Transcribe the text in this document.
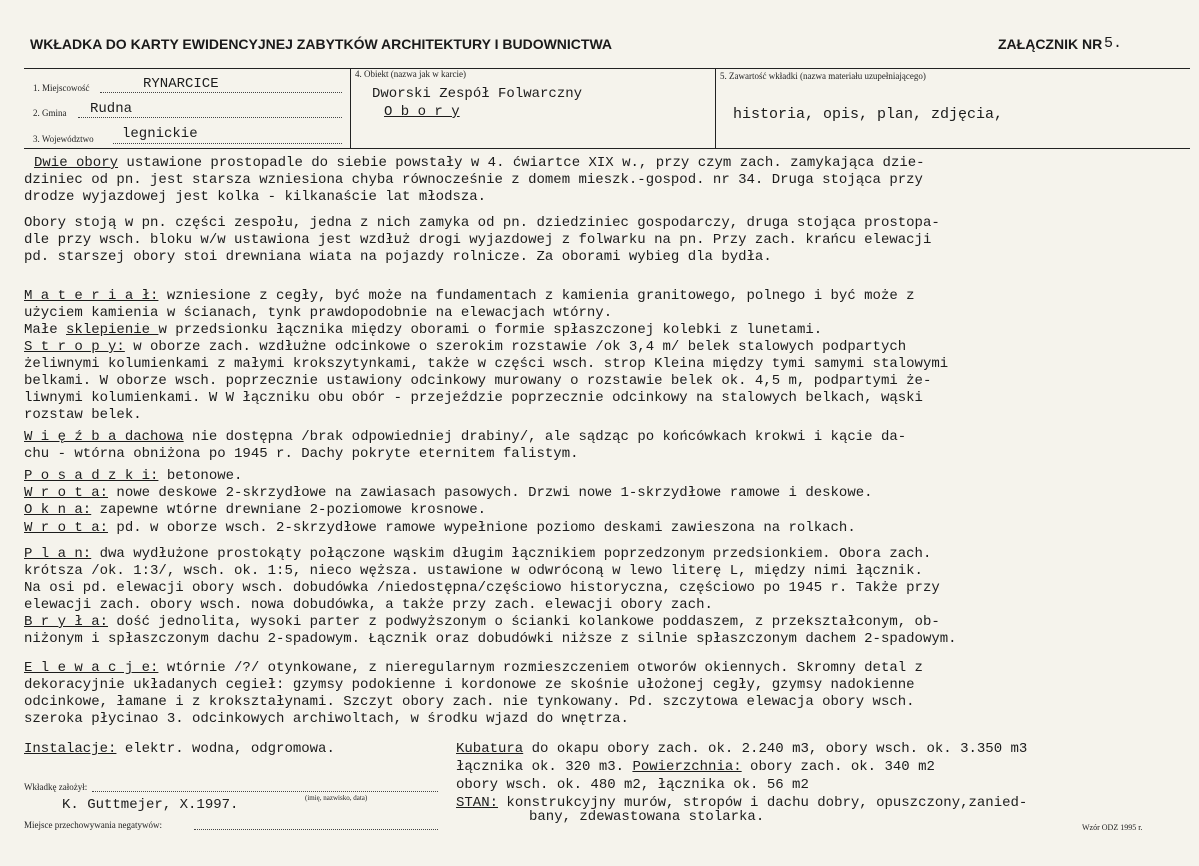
WKŁADKA DO KARTY EWIDENCYJNEJ ZABYTKÓW ARCHITEKTURY I BUDOWNICTWA	ZAŁĄCZNIK NR 5.
1. Miejscowość	RYNARCICE
2. Gmina Rudna
3. Województwo legnickie
4. Obiekt (nazwa jak w karcie)
Dworski Zespół Folwarczny
O b o r y
5. Zawartość wkładki (nazwa materiału uzupełniającego)
historia, opis, plan, zdjęcia,
Dwie obory ustawione prostopadle do siebie powstały w 4. ćwiartce XIX w., przy czym zach. zamykająca dzie-
dziniec od pn. jest starsza wzniesiona chyba równocześnie z domem mieszk.-gospod. nr 34. Druga stojąca przy
drodze wyjazdowej jest kolka - kilkanaście lat młodsza.
Obory stoją w pn. części zespołu, jedna z nich zamyka od pn. dziedziniec gospodarczy, druga stojąca prostopa-
dle przy wsch. bloku w/w ustawiona jest wzdłuż drogi wyjazdowej z folwarku na pn. Przy zach. krańcu elewacji
pd. starszej obory stoi drewniana wiata na pojazdy rolnicze. Za oborami wybieg dla bydła.
M a t e r i a ł: wzniesione z cegły, być może na fundamentach z kamienia granitowego, polnego i być może z
użyciem kamienia w ścianach, tynk prawdopodobnie na elewacjach wtórny.
Małe sklepienie w przedsionku łącznika między oborami o formie spłaszczonej kolebki z lunetami.
S t r o p y: w oborze zach. wzdłużne odcinkowe o szerokim rozstawie /ok 3,4 m/ belek stalowych podpartych
żeliwnymi kolumienkami z małymi krokszytynkami, także w części wsch. strop Kleina między tymi samymi stalowymi
belkami. W oborze wsch. poprzecznie ustawiony odcinkowy murowany o rozstawie belek ok. 4,5 m, podpartymi że-
liwnymi kolumienkami. W W łączniku obu obór - przejeździe poprzecznie odcinkowy na stalowych belkach, wąski
rozstaw belek.
W i ę ź b a dachowa nie dostępna /brak odpowiedniej drabiny/, ale sądząc po końcówkach krokwi i kącie da-
chu - wtórna obniżona po 1945 r. Dachy pokryte eternitem falistym.
P o s a d z k i: betonowe.
W r o t a: nowe deskowe 2-skrzydłowe na zawiasach pasowych. Drzwi nowe 1-skrzydłowe ramowe i deskowe.
O k n a: zapewne wtórne drewniane 2-poziomowe krosnowe.
W r o t a: pd. w oborze wsch. 2-skrzydłowe ramowe wypełnione poziomo deskami zawieszona na rolkach.
P l a n: dwa wydłużone prostokąty połączone wąskim długim łącznikiem poprzedzonym przedsionkiem. Obora zach.
krótsza /ok. 1:3/, wsch. ok. 1:5, nieco węższa. ustawione w odwróconą w lewo literę L, między nimi łącznik.
Na osi pd. elewacji obory wsch. dobudówka /niedostępna/częściowo historyczna, częściowo po 1945 r. Także przy
elewacji zach. obory wsch. nowa dobudówka, a także przy zach. elewacji obory zach.
B r y ł a: dość jednolita, wysoki parter z podwyższonym o ścianki kolankowe poddaszem, z przekształconym, ob-
niżonym i spłaszczonym dachu 2-spadowym. Łącznik oraz dobudówki niższe z silnie spłaszczonym dachem 2-spadowym.
E l e w a c j e: wtórnie /?/ otynkowane, z nieregularnym rozmieszczeniem otworów okiennych. Skromny detal z
dekoracyjnie układanych cegieł: gzymsy podokienne i kordonowe ze skośnie ułożonej cegły, gzymsy nadokienne
odcinkowe, łamane i z krokształynami. Szczyt obory zach. nie tynkowany. Pd. szczytowa elewacja obory wsch.
szeroka płycinao 3. odcinkowych archiwoltach, w środku wjazd do wnętrza.
Instalacje: elektr. wodna, odgromowa.	Kubatura do okapu obory zach. ok. 2.240 m3, obory wsch. ok. 3.350 m3
łącznika ok. 320 m3. Powierzchnia: obory zach. ok. 340 m2
obory wsch. ok. 480 m2, łącznika ok. 56 m2
STAN: konstrukcyjny murów, stropów i dachu dobry, opuszczony,zanied-
bany, zdewastowana stolarka.
Wkładkę założył:
K. Guttmejer, X.1997.	(imię, nazwisko, data)
Miejsce przechowywania negatywów:	Wzór ODZ 1995 r.
